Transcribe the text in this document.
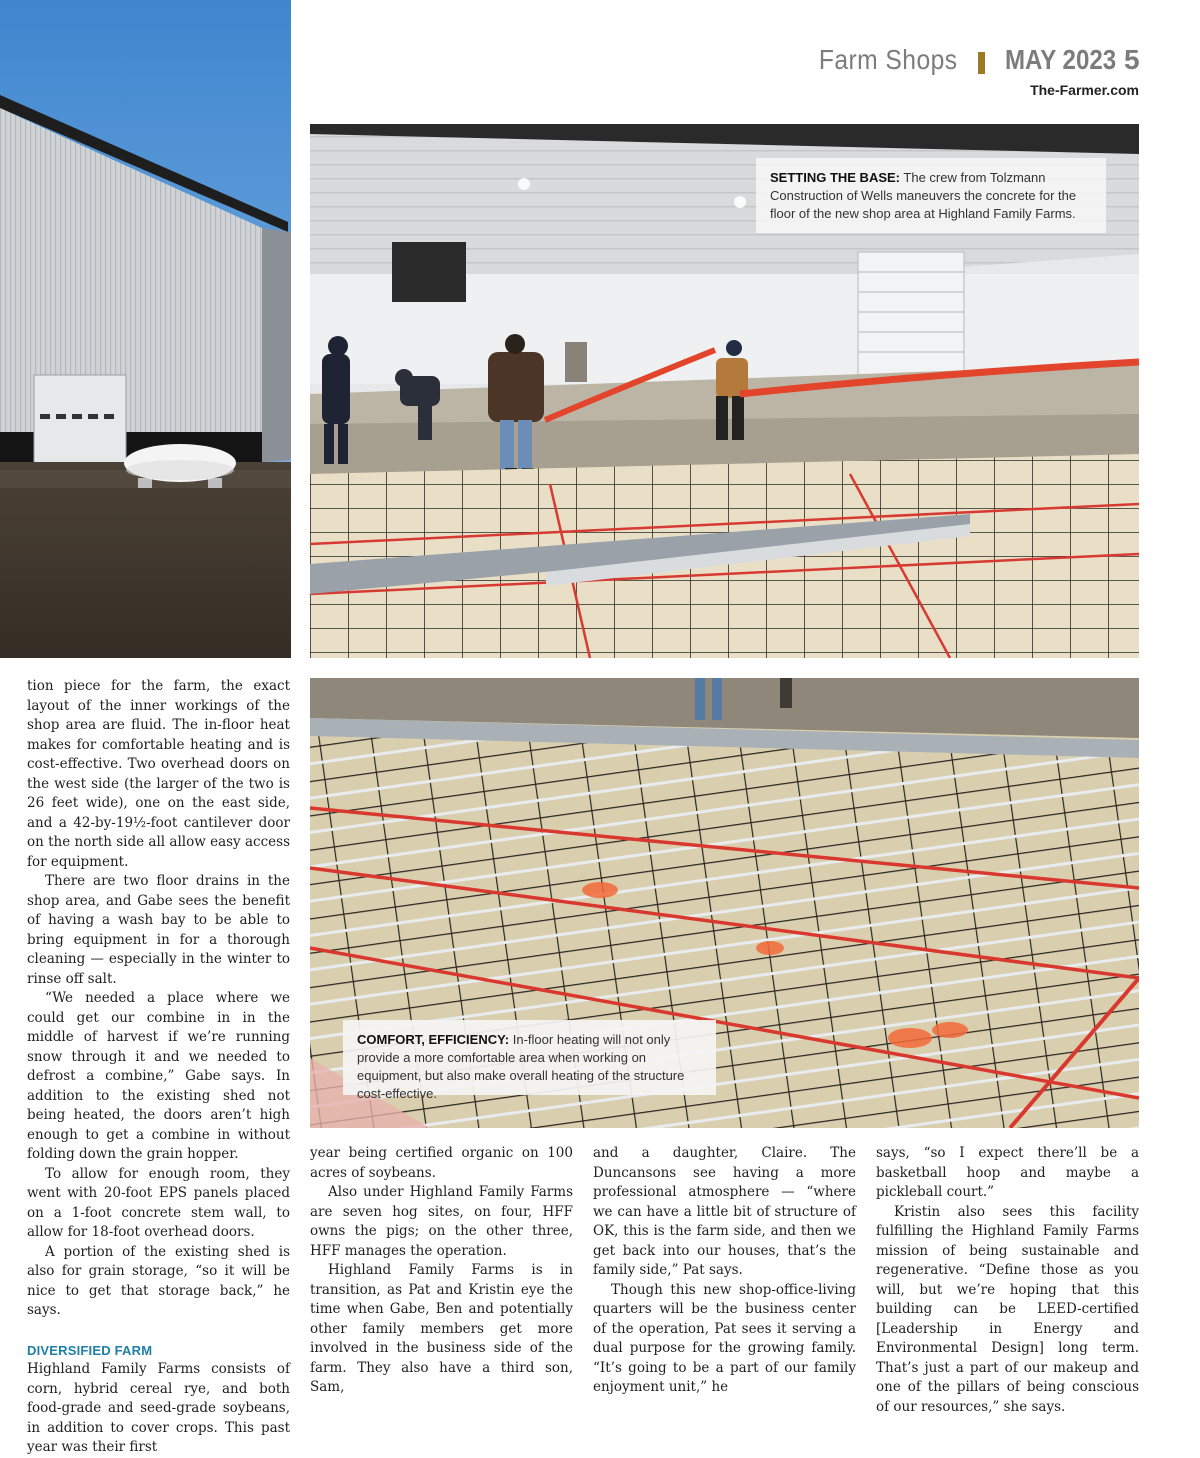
Farm Shops MAY 2023 5
The-Farmer.com
SETTING THE BASE: The crew from Tolzmann Construction of Wells maneuvers the concrete for the floor of the new shop area at Highland Family Farms.
COMFORT, EFFICIENCY: In-floor heating will not only provide a more comfortable area when working on equipment, but also make overall heating of the structure cost-effective.

tion piece for the farm, the exact layout of the inner workings of the shop area are fluid. The in-floor heat makes for comfortable heating and is cost-effective. Two overhead doors on the west side (the larger of the two is 26 feet wide), one on the east side, and a 42-by-19½-foot cantilever door on the north side all allow easy access for equipment.

There are two floor drains in the shop area, and Gabe sees the benefit of having a wash bay to be able to bring equipment in for a thorough cleaning — especially in the winter to rinse off salt.

“We needed a place where we could get our combine in in the middle of harvest if we’re running snow through it and we needed to defrost a combine,” Gabe says. In addition to the existing shed not being heated, the doors aren’t high enough to get a combine in without folding down the grain hopper.

To allow for enough room, they went with 20-foot EPS panels placed on a 1-foot concrete stem wall, to allow for 18-foot overhead doors.

A portion of the existing shed is also for grain storage, “so it will be nice to get that storage back,” he says.

DIVERSIFIED FARM

Highland Family Farms consists of corn, hybrid cereal rye, and both food-grade and seed-grade soybeans, in addition to cover crops. This past year was their first

year being certified organic on 100 acres of soybeans.

Also under Highland Family Farms are seven hog sites, on four, HFF owns the pigs; on the other three, HFF manages the operation.

Highland Family Farms is in transition, as Pat and Kristin eye the time when Gabe, Ben and potentially other family members get more involved in the business side of the farm. They also have a third son, Sam,

and a daughter, Claire. The Duncansons see having a more professional atmosphere — “where we can have a little bit of structure of OK, this is the farm side, and then we get back into our houses, that’s the family side,” Pat says.

Though this new shop-office-living quarters will be the business center of the operation, Pat sees it serving a dual purpose for the growing family. “It’s going to be a part of our family enjoyment unit,” he

says, “so I expect there’ll be a basketball hoop and maybe a pickleball court.”

Kristin also sees this facility fulfilling the Highland Family Farms mission of being sustainable and regenerative. “Define those as you will, but we’re hoping that this building can be LEED-certified [Leadership in Energy and Environmental Design] long term. That’s just a part of our makeup and one of the pillars of being conscious of our resources,” she says.
